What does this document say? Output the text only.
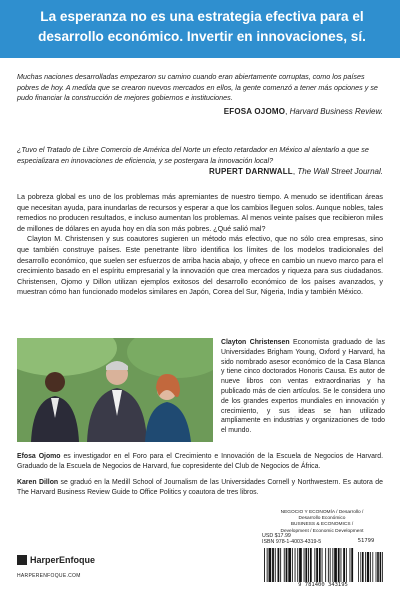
La esperanza no es una estrategia efectiva para el desarrollo económico. Invertir en innovaciones, sí.
Muchas naciones desarrolladas empezaron su camino cuando eran abiertamente corruptas, como los países pobres de hoy. A medida que se crearon nuevos mercados en ellos, la gente comenzó a tener más opciones y se pudo financiar la construcción de mejores gobiernos e instituciones.
EFOSA OJOMO, Harvard Business Review.
¿Tuvo el Tratado de Libre Comercio de América del Norte un efecto retardador en México al alentarlo a que se especializara en innovaciones de eficiencia, y se postergara la innovación local?
RUPERT DARNWALL, The Wall Street Journal.

La pobreza global es uno de los problemas más apremiantes de nuestro tiempo. A menudo se identifican áreas que necesitan ayuda, para inundarlas de recursos y esperar a que los cambios lleguen solos. Aunque nobles, tales remedios no producen resultados, e incluso aumentan los problemas. Al menos veinte países que recibieron miles de millones de dólares en ayuda hoy en día son más pobres. ¿Qué salió mal?

Clayton M. Christensen y sus coautores sugieren un método más efectivo, que no sólo crea empresas, sino que también construye países. Este penetrante libro identifica los límites de los modelos tradicionales del desarrollo económico, que suelen ser esfuerzos de arriba hacia abajo, y ofrece en cambio un nuevo marco para el crecimiento basado en el espíritu empresarial y la innovación que crea mercados y riqueza para sus ciudadanos. Christensen, Ojomo y Dillon utilizan ejemplos exitosos del desarrollo económico de los países avanzados, y muestran cómo han funcionado modelos similares en Japón, Corea del Sur, Nigeria, India y también México.

Clayton Christensen Economista graduado de las Universidades Brigham Young, Oxford y Harvard, ha sido nombrado asesor económico de la Casa Blanca y tiene cinco doctorados Honoris Causa. Es autor de nueve libros con ventas extraordinarias y ha publicado más de cien artículos. Se le considera uno de los grandes expertos mundiales en innovación y crecimiento, y sus ideas se han utilizado ampliamente en industrias y organizaciones de todo el mundo.
Efosa Ojomo es investigador en el Foro para el Crecimiento e Innovación de la Escuela de Negocios de Harvard. Graduado de la Escuela de Negocios de Harvard, fue copresidente del Club de Negocios de África.
Karen Dillon se graduó en la Medill School of Journalism de las Universidades Cornell y Northwestern. Es autora de The Harvard Business Review Guide to Office Politics y coautora de tres libros.
HarperEnfoque
HARPERENFOQUE.COM
NEGOCIO Y ECONOMÍA / Desarrollo /
Desarrollo Económico
BUSINESS & ECONOMICS /
Development / Economic Development
USD $17.99
ISBN 978-1-4003-4319-5	51799
9 781400 343195
